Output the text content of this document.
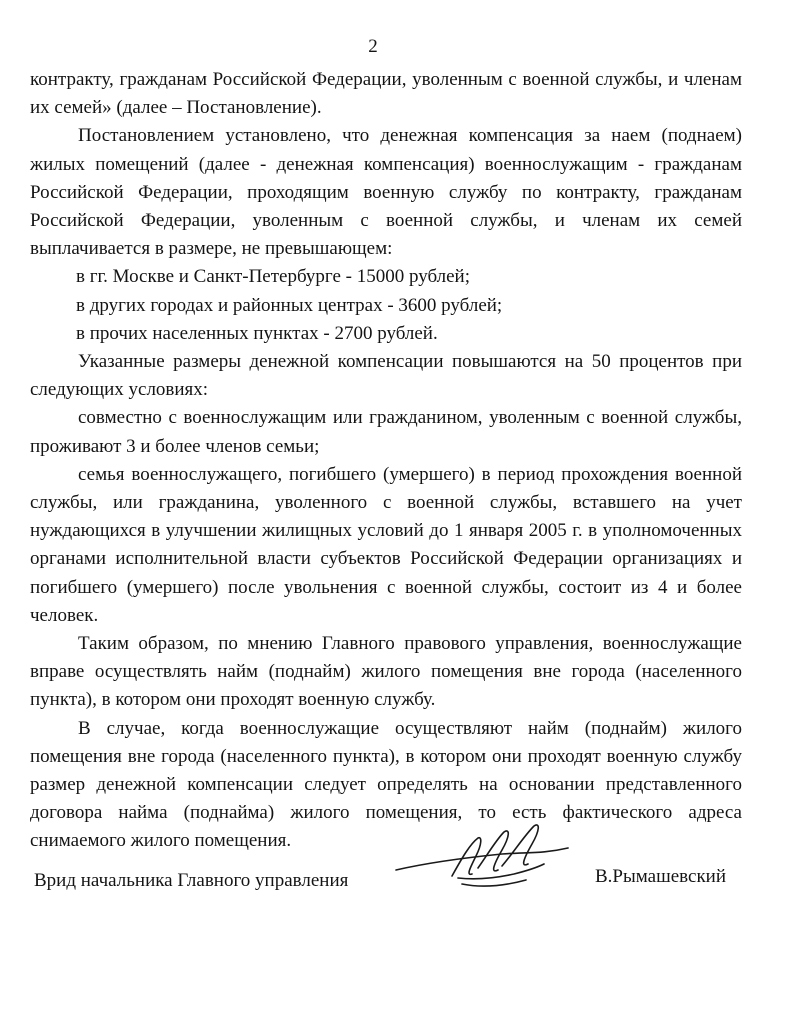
2

контракту, гражданам Российской Федерации, уволенным с военной службы, и членам их семей» (далее – Постановление).

Постановлением установлено, что денежная компенсация за наем (поднаем) жилых помещений (далее - денежная компенсация) военнослужащим - гражданам Российской Федерации, проходящим военную службу по контракту, гражданам Российской Федерации, уволенным с военной службы, и членам их семей выплачивается в размере, не превышающем:

в гг. Москве и Санкт-Петербурге - 15000 рублей;

в других городах и районных центрах - 3600 рублей;

в прочих населенных пунктах - 2700 рублей.

Указанные размеры денежной компенсации повышаются на 50 процентов при следующих условиях:

совместно с военнослужащим или гражданином, уволенным с военной службы, проживают 3 и более членов семьи;

семья военнослужащего, погибшего (умершего) в период прохождения военной службы, или гражданина, уволенного с военной службы, вставшего на учет нуждающихся в улучшении жилищных условий до 1 января 2005 г. в уполномоченных органами исполнительной власти субъектов Российской Федерации организациях и погибшего (умершего) после увольнения с военной службы, состоит из 4 и более человек.

Таким образом, по мнению Главного правового управления, военнослужащие вправе осуществлять найм (поднайм) жилого помещения вне города (населенного пункта), в котором они проходят военную службу.

В случае, когда военнослужащие осуществляют найм (поднайм) жилого помещения вне города (населенного пункта), в котором они проходят военную службу размер денежной компенсации следует определять на основании представленного договора найма (поднайма) жилого помещения, то есть фактического адреса снимаемого жилого помещения.

Врид начальника Главного управления	В.Рымашевский
